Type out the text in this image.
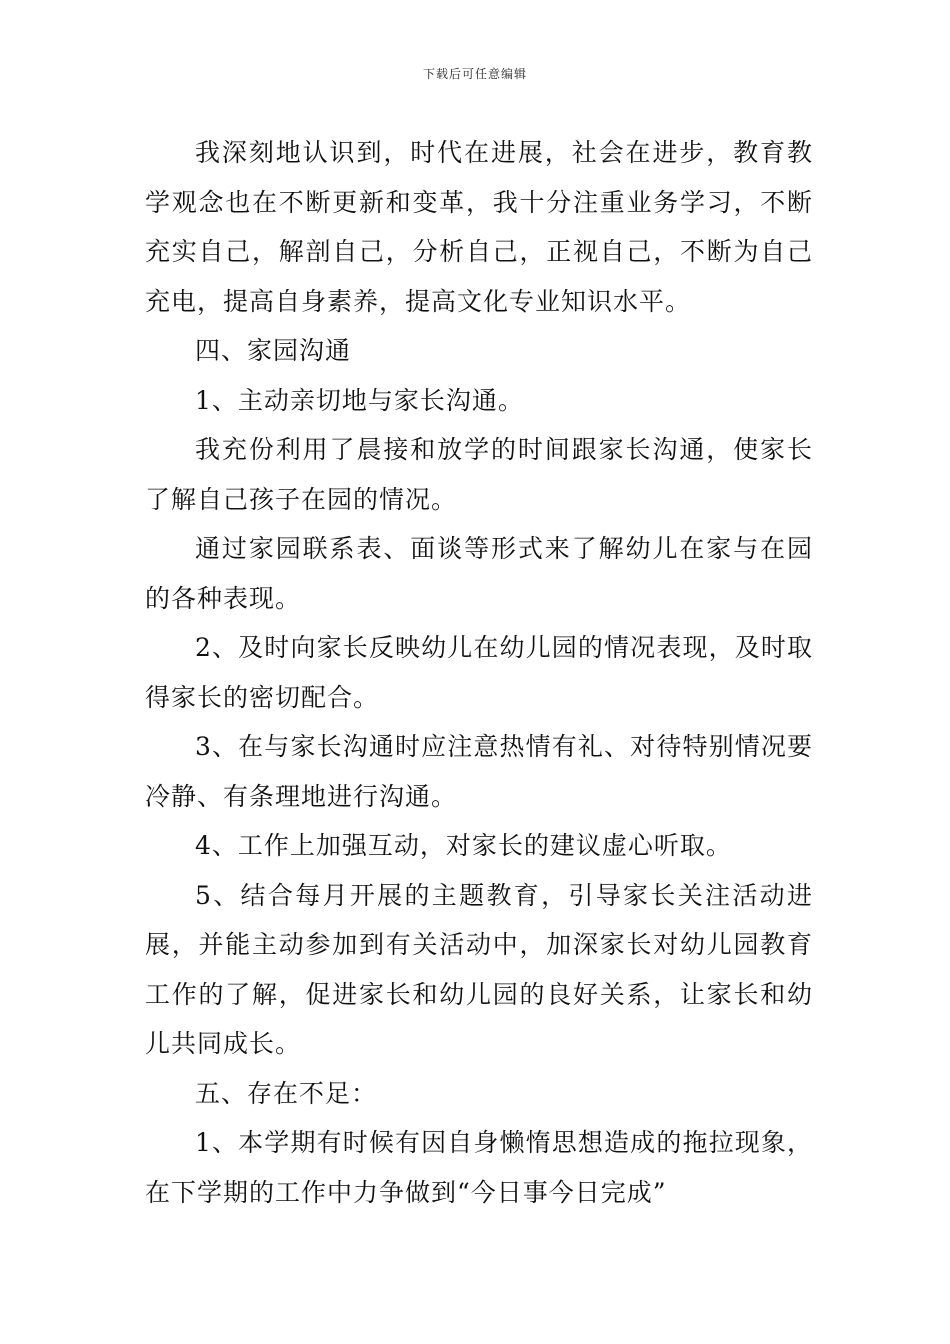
下载后可任意编辑

我深刻地认识到，时代在进展，社会在进步，教育教学观念也在不断更新和变革，我十分注重业务学习，不断充实自己，解剖自己，分析自己，正视自己，不断为自己充电，提高自身素养，提高文化专业知识水平。

四、家园沟通

1、主动亲切地与家长沟通。

我充份利用了晨接和放学的时间跟家长沟通，使家长了解自己孩子在园的情况。

通过家园联系表、面谈等形式来了解幼儿在家与在园的各种表现。

2、及时向家长反映幼儿在幼儿园的情况表现，及时取得家长的密切配合。

3、在与家长沟通时应注意热情有礼、对待特别情况要冷静、有条理地进行沟通。

4、工作上加强互动，对家长的建议虚心听取。

5、结合每月开展的主题教育，引导家长关注活动进展，并能主动参加到有关活动中，加深家长对幼儿园教育工作的了解，促进家长和幼儿园的良好关系，让家长和幼儿共同成长。

五、存在不足：

1、本学期有时候有因自身懒惰思想造成的拖拉现象，在下学期的工作中力争做到“今日事今日完成”
